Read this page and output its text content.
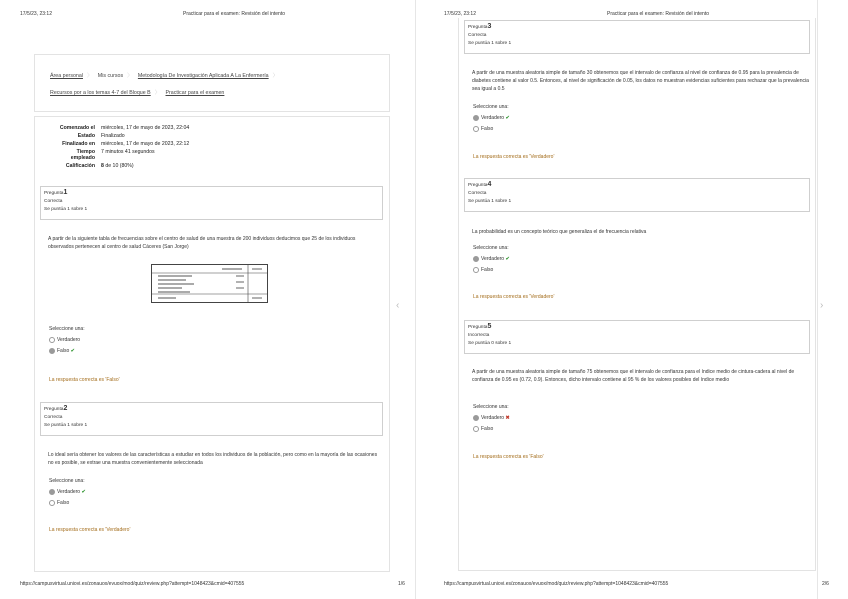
17/5/23, 23:12	Practicar para el examen: Revisión del intento
Área personal 〉 Mis cursos 〉 Metodología De Investigación Aplicada A La Enfermería 〉
Recursos por a los temas 4-7 del Bloque B 〉 Practicar para el examen
Comenzado el	miércoles, 17 de mayo de 2023, 22:04
Estado	Finalizado
Finalizado en	miércoles, 17 de mayo de 2023, 22:12
Tiempo
empleado
7 minutos 41 segundos
Calificación	8 de 10 (80%)
Pregunta1
Correcta
Se puntúa 1 sobre 1
A partir de la siguiente tabla de frecuencias sobre el centro de salud de una muestra de 200 individuos deducimos que 25 de los individuos observados pertenecen al centro de salud Cáceres (San Jorge)
Seleccione una:
Verdadero
Falso ✔
La respuesta correcta es 'Falso'
Pregunta2
Correcta
Se puntúa 1 sobre 1
Lo ideal sería obtener los valores de las características a estudiar en todos los individuos de la población, pero como en la mayoría de las ocasiones no es posible, se extrae una muestra convenientemente seleccionada
Seleccione una:
Verdadero ✔
Falso
La respuesta correcta es 'Verdadero'
‹
https://campusvirtual.uniovi.es/zonauox/evuox/mod/quiz/review.php?attempt=1048423&cmid=407555	1/6
17/5/23, 23:12	Practicar para el examen: Revisión del intento
Pregunta3
Correcta
Se puntúa 1 sobre 1
A partir de una muestra aleatoria simple de tamaño 30 obtenemos que el intervalo de confianza al nivel de confianza de 0.95 para la prevalencia de diabetes contiene al valor 0.5. Entonces, al nivel de significación de 0.05, los datos no muestran evidencias suficientes para rechazar que la prevalencia sea igual a 0.5
Seleccione una:
Verdadero ✔
Falso
La respuesta correcta es 'Verdadero'
Pregunta4
Correcta
Se puntúa 1 sobre 1
La probabilidad es un concepto teórico que generaliza el de frecuencia relativa
Seleccione una:
Verdadero ✔
Falso
La respuesta correcta es 'Verdadero'
Pregunta5
Incorrecta
Se puntúa 0 sobre 1
A partir de una muestra aleatoria simple de tamaño 75 obtenemos que el intervalo de confianza para el índice medio de cintura-cadera al nivel de confianza de 0.95 es (0.72, 0.9). Entonces, dicho intervalo contiene al 95 % de los valores posibles del índice medio
Seleccione una:
Verdadero ✖
Falso
La respuesta correcta es 'Falso'
›
https://campusvirtual.uniovi.es/zonauox/evuox/mod/quiz/review.php?attempt=1048423&cmid=407555	2/6
